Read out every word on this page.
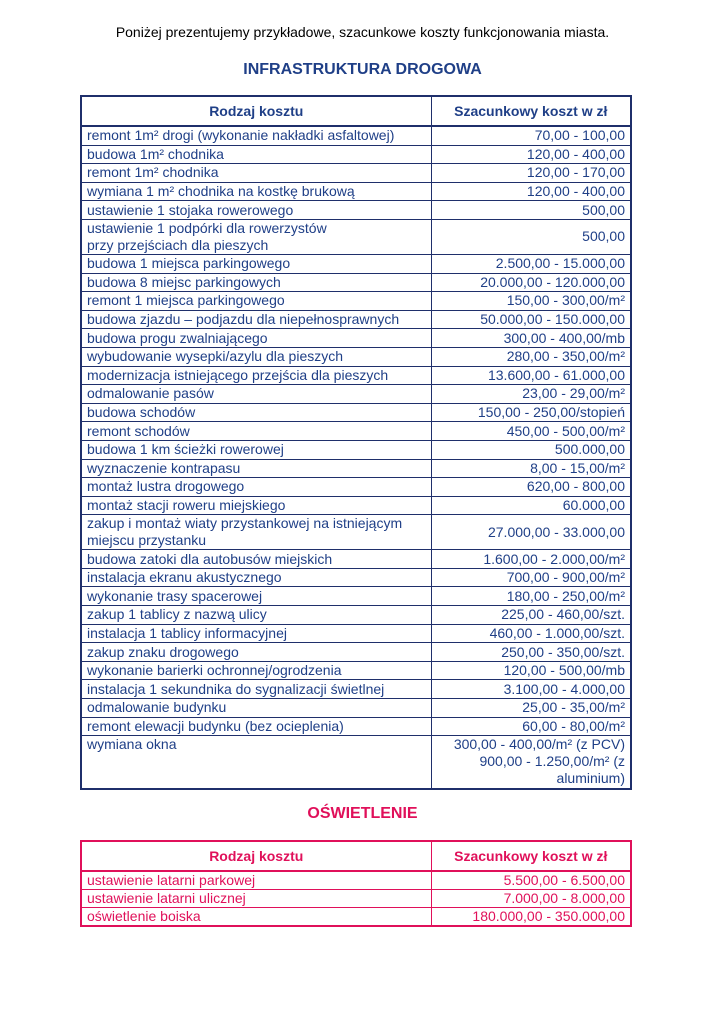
Poniżej prezentujemy przykładowe, szacunkowe koszty funkcjonowania miasta.
INFRASTRUKTURA DROGOWA
Rodzaj kosztu	Szacunkowy koszt w zł
remont 1m² drogi (wykonanie nakładki asfaltowej)	70,00 - 100,00
budowa 1m² chodnika	120,00 - 400,00
remont 1m² chodnika	120,00 - 170,00
wymiana 1 m² chodnika na kostkę brukową	120,00 - 400,00
ustawienie 1 stojaka rowerowego	500,00
ustawienie 1 podpórki dla rowerzystów
przy przejściach dla pieszych	500,00
budowa 1 miejsca parkingowego	2.500,00 - 15.000,00
budowa 8 miejsc parkingowych	20.000,00 - 120.000,00
remont 1 miejsca parkingowego	150,00 - 300,00/m²
budowa zjazdu – podjazdu dla niepełnosprawnych	50.000,00 - 150.000,00
budowa progu zwalniającego	300,00 - 400,00/mb
wybudowanie wysepki/azylu dla pieszych	280,00 - 350,00/m²
modernizacja istniejącego przejścia dla pieszych	13.600,00 - 61.000,00
odmalowanie pasów	23,00 - 29,00/m²
budowa schodów	150,00 - 250,00/stopień
remont schodów	450,00 - 500,00/m²
budowa 1 km ścieżki rowerowej	500.000,00
wyznaczenie kontrapasu	8,00 - 15,00/m²
montaż lustra drogowego	620,00 - 800,00
montaż stacji roweru miejskiego	60.000,00
zakup i montaż wiaty przystankowej na istniejącym
miejscu przystanku	27.000,00 - 33.000,00
budowa zatoki dla autobusów miejskich	1.600,00 - 2.000,00/m²
instalacja ekranu akustycznego	700,00 - 900,00/m²
wykonanie trasy spacerowej	180,00 - 250,00/m²
zakup 1 tablicy z nazwą ulicy	225,00 - 460,00/szt.
instalacja 1 tablicy informacyjnej	460,00 - 1.000,00/szt.
zakup znaku drogowego	250,00 - 350,00/szt.
wykonanie barierki ochronnej/ogrodzenia	120,00 - 500,00/mb
instalacja 1 sekundnika do sygnalizacji świetlnej	3.100,00 - 4.000,00
odmalowanie budynku	25,00 - 35,00/m²
remont elewacji budynku (bez ocieplenia)	60,00 - 80,00/m²
wymiana okna	300,00 - 400,00/m² (z PCV)
900,00 - 1.250,00/m² (z
aluminium)
OŚWIETLENIE
Rodzaj kosztu	Szacunkowy koszt w zł
ustawienie latarni parkowej	5.500,00 - 6.500,00
ustawienie latarni ulicznej	7.000,00 - 8.000,00
oświetlenie boiska	180.000,00 - 350.000,00
